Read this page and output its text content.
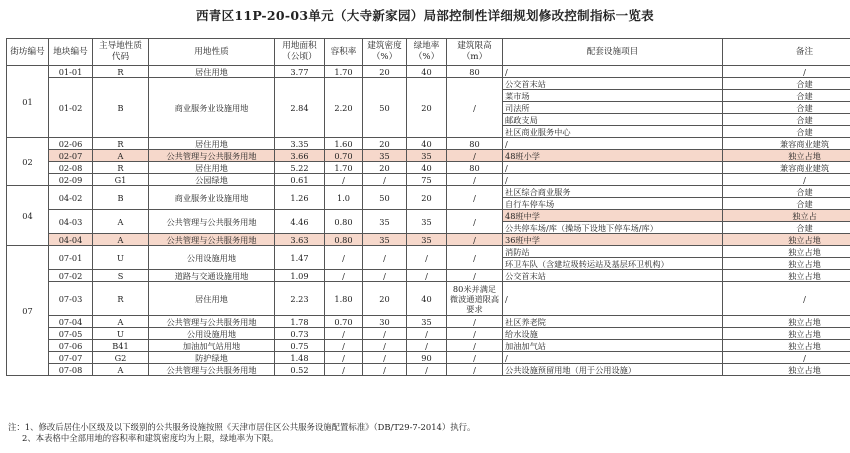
西青区11P-20-03单元（大寺新家园）局部控制性详细规划修改控制指标一览表
街坊编号	地块编号	主导地性质代码	用地性质	用地面积（公顷）	容积率	建筑密度（%）	绿地率（%）	建筑限高（m）	配套设施项目	备注
01	01-01	R	居住用地	3.77	1.70	20	40	80	/	/
	01-02	B	商业服务业设施用地	2.84	2.20	50	20	/	公交首末站	合建
									菜市场	合建
									司法所	合建
									邮政支局	合建
									社区商业服务中心	合建
02	02-06	R	居住用地	3.35	1.60	20	40	80	/	兼容商业建筑
	02-07	A	公共管理与公共服务用地	3.66	0.70	35	35	/	48班小学	独立占地
	02-08	R	居住用地	5.22	1.70	20	40	80	/	兼容商业建筑
	02-09	G1	公园绿地	0.61	/	/	75	/	/	/
04	04-02	B	商业服务业设施用地	1.26	1.0	50	20	/	社区综合商业服务	合建
									自行车停车场	合建
	04-03	A	公共管理与公共服务用地	4.46	0.80	35	35	/	48班中学	独立占
									公共停车场/库（操场下设地下停车场/库）	合建
	04-04	A	公共管理与公共服务用地	3.63	0.80	35	35	/	36班中学	独立占地
07	07-01	U	公用设施用地	1.47	/	/	/	/	消防站	独立占地
									环卫车队（含建垃圾转运站及基层环卫机构）	独立占地
	07-02	S	道路与交通设施用地	1.09	/	/	/	/	公交首末站	独立占地
	07-03	R	居住用地	2.23	1.80	20	40	80米并满足微波通道限高要求	/	/
	07-04	A	公共管理与公共服务用地	1.78	0.70	30	35	/	社区养老院	独立占地
	07-05	U	公用设施用地	0.73	/	/	/	/	给水设施	独立占地
	07-06	B41	加油加气站用地	0.75	/	/	/	/	加油加气站	独立占地
	07-07	G2	防护绿地	1.48	/	/	90	/	/	/
	07-08	A	公共管理与公共服务用地	0.52	/	/	/	/	公共设施预留用地（用于公用设施）	独立占地
注：1、修改后居住小区级及以下级别的公共服务设施按照《天津市居住区公共服务设施配置标准》（DB/T29-7-2014）执行。
2、本表格中全部用地的容积率和建筑密度均为上限，绿地率为下限。
